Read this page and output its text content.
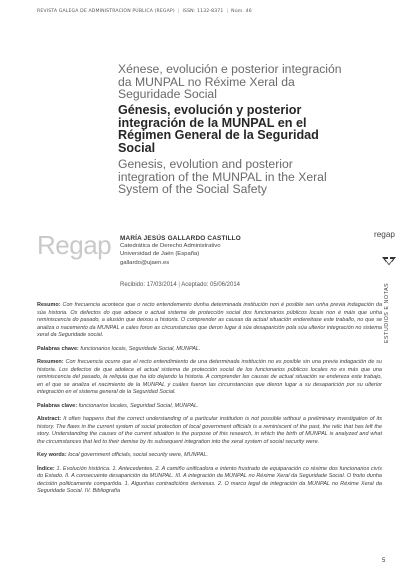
REVISTA GALEGA DE ADMINISTRACIÓN PÚBLICA (REGAP) | ISSN: 1132-8371 | Núm. 46
Xénese, evolución e posterior integración da MUNPAL no Réxime Xeral da Seguridade Social
Génesis, evolución y posterior integración de la MUNPAL en el Régimen General de la Seguridad Social
Genesis, evolution and posterior integration of the MUNPAL in the Xeral System of the Social Safety
Regap MARÍA JESÚS GALLARDO CASTILLO
Catedrática de Derecho Administrativo
Universidad de Jaén (España)
gallardo@ujaen.es
Recibido: 17/03/2014 | Aceptado: 05/06/2014
regap
ESTUDIOS E NOTAS

Resumo: Con frecuencia acontece que o recto entendemento dunha determinada institución non é posible sen unha previa indagación da súa historia. Os defectos do que adoece o actual sistema de protección social dos funcionarios públicos locais non é máis que unha reminiscencia do pasado, a alusión que deixou a historia. O comprender as causas da actual situación endereitase este traballo, no que se analiza o nacemento da MUNPAL e cales foron as circunstancias que deron lugar á súa desaparición pola súa ulterior integración no sistema xeral da Seguridade social.

Palabras chave: funcionarios locais, Seguridade Social, MUNPAL.

Resumen: Con frecuencia ocurre que el recto entendimiento de una determinada institución no es posible sin una previa indagación de su historia. Los defectos de que adolece el actual sistema de protección social de los funcionarios públicos locales no es más que una reminiscencia del pasado, la reliquia que ha ido dejando la historia. A comprender las causas de actual situación se endereza este trabajo, en el que se analiza el nacimiento de la MUNPAL y cuáles fueron las circunstancias que dieron lugar a su desaparición por su ulterior integración en el sistema general de la Seguridad Social.

Palabras clave: funcionarios locales, Seguridad Social, MUNPAL.

Abstract: It often happens that the correct understanding of a particular institution is not possible without a preliminary investigation of its history. The flaws in the current system of social protection of local government officials is a reminiscent of the past, the relic that has left the story. Understanding the causes of the current situation is the purpose of this research, in which the birth of MUNPAL is analyzed and what the circumstances that led to their demise by its subsequent integration into the xeral system of social security were.

Key words: local government officials, social security were, MUNPAL.

Índice: 1. Evolución histórica. 1. Antecedentes. 2. A camiño unificadora e intento frustrado de equiparación co réxime dos funcionarios civís do Estado. II. A consecuente desaparición da MUNPAL. III. A integración da MUNPAL no Réxime Xeral da Seguridade Social. O froito dunha decisión politicamente compartida. 1. Algunhas contradicións derivesas. 2. O marco legal de integración da MUNPAL no Réxime Xeral da Seguridade Social. IV. Bibliografía

5
